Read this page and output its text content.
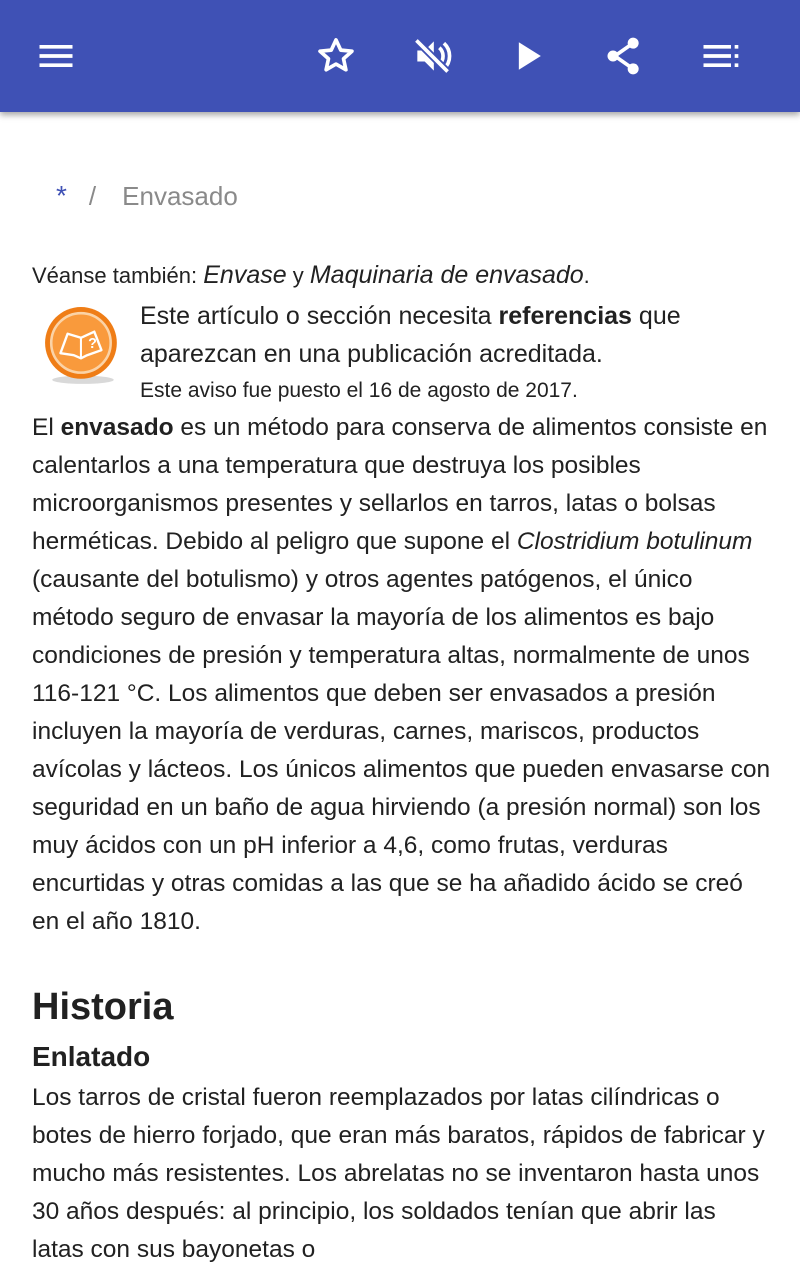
* / Envasado
Véanse también: Envase y Maquinaria de envasado.
?
Este artículo o sección necesita referencias que aparezcan en una publicación acreditada.
Este aviso fue puesto el 16 de agosto de 2017.

El envasado es un método para conserva de alimentos consiste en calentarlos a una temperatura que destruya los posibles microorganismos presentes y sellarlos en tarros, latas o bolsas herméticas. Debido al peligro que supone el Clostridium botulinum (causante del botulismo) y otros agentes patógenos, el único método seguro de envasar la mayoría de los alimentos es bajo condiciones de presión y temperatura altas, normalmente de unos 116-121 °C. Los alimentos que deben ser envasados a presión incluyen la mayoría de verduras, carnes, mariscos, productos avícolas y lácteos. Los únicos alimentos que pueden envasarse con seguridad en un baño de agua hirviendo (a presión normal) son los muy ácidos con un pH inferior a 4,6, como frutas, verduras encurtidas y otras comidas a las que se ha añadido ácido se creó en el año 1810.

Historia
Enlatado

Los tarros de cristal fueron reemplazados por latas cilíndricas o botes de hierro forjado, que eran más baratos, rápidos de fabricar y mucho más resistentes. Los abrelatas no se inventaron hasta unos 30 años después: al principio, los soldados tenían que abrir las latas con sus bayonetas o
